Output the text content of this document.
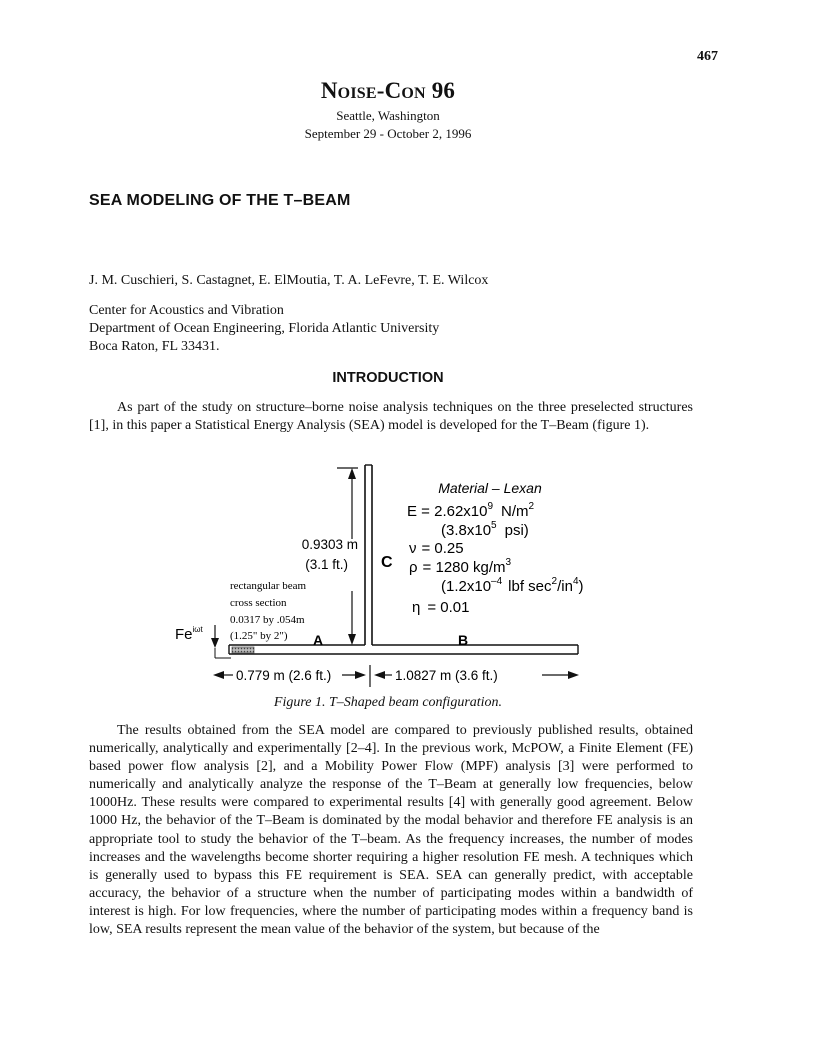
467
Noise-Con 96
Seattle, Washington
September 29 - October 2, 1996
SEA MODELING OF THE T–BEAM
J. M. Cuschieri, S. Castagnet, E. ElMoutia, T. A. LeFevre, T. E. Wilcox
Center for Acoustics and Vibration
Department of Ocean Engineering, Florida Atlantic University
Boca Raton, FL 33431.
INTRODUCTION

As part of the study on structure–borne noise analysis techniques on the three preselected structures [1], in this paper a Statistical Energy Analysis (SEA) model is developed for the T–Beam (figure 1).

Material – Lexan
$E = 2.62x10^9$ $N/m^2$
($3.8x10^5$ psi)
ν = 0.25
ρ = 1280 $kg/m^3$
($1.2x10^{-4}$ lbf $\sec^2/in^4$)
η = 0.01
0.9303 m
(3.1 ft.) C
rectangular beam
cross section
0.0317 by .054m
(1.25" by 2")
$Fe^{i\omega t}$
A	B
0.779 m (2.6 ft.)	1.0827 m (3.6 ft.)
Figure 1. T–Shaped beam configuration.

The results obtained from the SEA model are compared to previously published results, obtained numerically, analytically and experimentally [2–4]. In the previous work, McPOW, a Finite Element (FE) based power flow analysis [2], and a Mobility Power Flow (MPF) analysis [3] were performed to numerically and analytically analyze the response of the T–Beam at generally low frequencies, below 1000Hz. These results were compared to experimental results [4] with generally good agreement. Below 1000 Hz, the behavior of the T–Beam is dominated by the modal behavior and therefore FE analysis is an appropriate tool to study the behavior of the T–beam. As the frequency increases, the number of modes increases and the wavelengths become shorter requiring a higher resolution FE mesh. A techniques which is generally used to bypass this FE requirement is SEA. SEA can generally predict, with acceptable accuracy, the behavior of a structure when the number of participating modes within a bandwidth of interest is high. For low frequencies, where the number of participating modes within a frequency band is low, SEA results represent the mean value of the behavior of the system, but because of the
